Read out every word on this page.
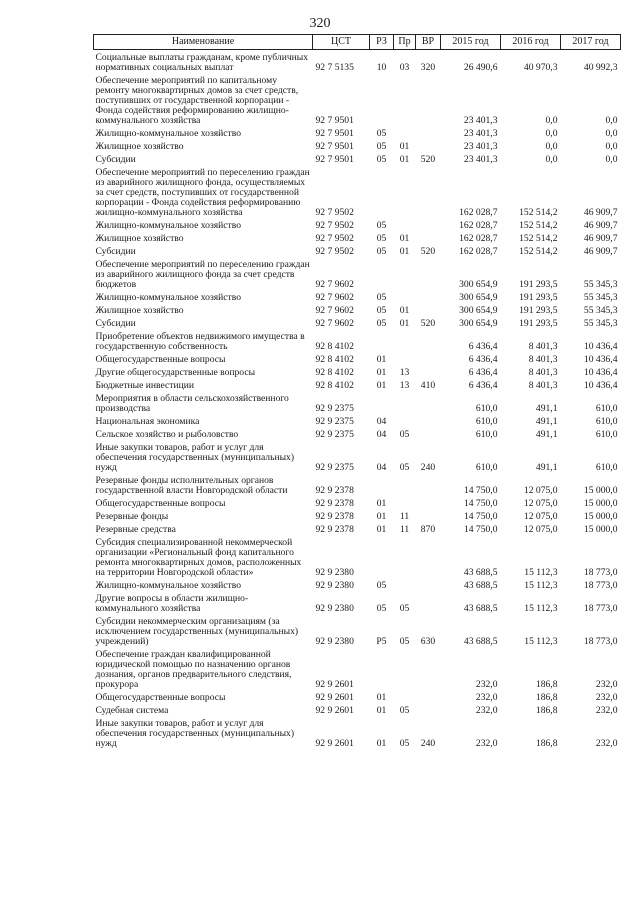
320
Наименование	ЦСТ	РЗ	Пр	ВР	2015 год	2016 год	2017 год
Социальные выплаты гражданам, кроме публичных нормативных социальных выплат	92 7 5135	10	03	320	26 490,6	40 970,3	40 992,3
Обеспечение мероприятий по капитальному ремонту многоквартирных домов за счет средств, поступивших от государственной корпорации - Фонда содействия реформированию жилищно-коммунального хозяйства	92 7 9501				23 401,3	0,0	0,0
Жилищно-коммунальное хозяйство	92 7 9501	05			23 401,3	0,0	0,0
Жилищное хозяйство	92 7 9501	05	01		23 401,3	0,0	0,0
Субсидии	92 7 9501	05	01	520	23 401,3	0,0	0,0
Обеспечение мероприятий по переселению граждан из аварийного жилищного фонда, осуществляемых за счет средств, поступивших от государственной корпорации - Фонда содействия реформированию жилищно-коммунального хозяйства	92 7 9502				162 028,7	152 514,2	46 909,7
Жилищно-коммунальное хозяйство	92 7 9502	05			162 028,7	152 514,2	46 909,7
Жилищное хозяйство	92 7 9502	05	01		162 028,7	152 514,2	46 909,7
Субсидии	92 7 9502	05	01	520	162 028,7	152 514,2	46 909,7
Обеспечение мероприятий по переселению граждан из аварийного жилищного фонда за счет средств бюджетов	92 7 9602				300 654,9	191 293,5	55 345,3
Жилищно-коммунальное хозяйство	92 7 9602	05			300 654,9	191 293,5	55 345,3
Жилищное хозяйство	92 7 9602	05	01		300 654,9	191 293,5	55 345,3
Субсидии	92 7 9602	05	01	520	300 654,9	191 293,5	55 345,3
Приобретение объектов недвижимого имущества в государственную собственность	92 8 4102				6 436,4	8 401,3	10 436,4
Общегосударственные вопросы	92 8 4102	01			6 436,4	8 401,3	10 436,4
Другие общегосударственные вопросы	92 8 4102	01	13		6 436,4	8 401,3	10 436,4
Бюджетные инвестиции	92 8 4102	01	13	410	6 436,4	8 401,3	10 436,4
Мероприятия в области сельскохозяйственного производства	92 9 2375				610,0	491,1	610,0
Национальная экономика	92 9 2375	04			610,0	491,1	610,0
Сельское хозяйство и рыболовство	92 9 2375	04	05		610,0	491,1	610,0
Иные закупки товаров, работ и услуг для обеспечения государственных (муниципальных) нужд	92 9 2375	04	05	240	610,0	491,1	610,0
Резервные фонды исполнительных органов государственной власти Новгородской области	92 9 2378				14 750,0	12 075,0	15 000,0
Общегосударственные вопросы	92 9 2378	01			14 750,0	12 075,0	15 000,0
Резервные фонды	92 9 2378	01	11		14 750,0	12 075,0	15 000,0
Резервные средства	92 9 2378	01	11	870	14 750,0	12 075,0	15 000,0
Субсидия специализированной некоммерческой организации «Региональный фонд капитального ремонта многоквартирных домов, расположенных на территории Новгородской области»	92 9 2380				43 688,5	15 112,3	18 773,0
Жилищно-коммунальное хозяйство	92 9 2380	05			43 688,5	15 112,3	18 773,0
Другие вопросы в области жилищно-коммунального хозяйства	92 9 2380	05	05		43 688,5	15 112,3	18 773,0
Субсидии некоммерческим организациям (за исключением государственных (муниципальных) учреждений)	92 9 2380	Р5	05	630	43 688,5	15 112,3	18 773,0
Обеспечение граждан квалифицированной юридической помощью по назначению органов дознания, органов предварительного следствия, прокурора	92 9 2601				232,0	186,8	232,0
Общегосударственные вопросы	92 9 2601	01			232,0	186,8	232,0
Судебная система	92 9 2601	01	05		232,0	186,8	232,0
Иные закупки товаров, работ и услуг для обеспечения государственных (муниципальных) нужд	92 9 2601	01	05	240	232,0	186,8	232,0
